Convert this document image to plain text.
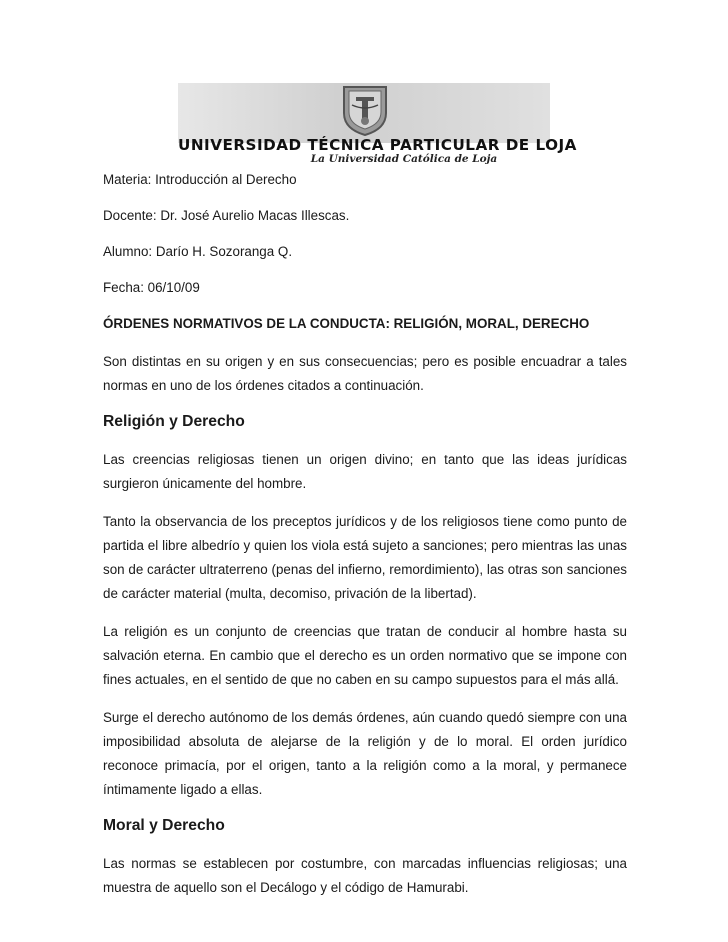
UNIVERSIDAD TÉCNICA PARTICULAR DE LOJA
La Universidad Católica de Loja

Materia: Introducción al Derecho

Docente: Dr. José Aurelio Macas Illescas.

Alumno: Darío H. Sozoranga Q.

Fecha: 06/10/09

ÓRDENES NORMATIVOS DE LA CONDUCTA: RELIGIÓN, MORAL, DERECHO

Son distintas en su origen y en sus consecuencias; pero es posible encuadrar a tales normas en uno de los órdenes citados a continuación.

Religión y Derecho

Las creencias religiosas tienen un origen divino; en tanto que las ideas jurídicas surgieron únicamente del hombre.

Tanto la observancia de los preceptos jurídicos y de los religiosos tiene como punto de partida el libre albedrío y quien los viola está sujeto a sanciones; pero mientras las unas son de carácter ultraterreno (penas del infierno, remordimiento), las otras son sanciones de carácter material (multa, decomiso, privación de la libertad).

La religión es un conjunto de creencias que tratan de conducir al hombre hasta su salvación eterna. En cambio que el derecho es un orden normativo que se impone con fines actuales, en el sentido de que no caben en su campo supuestos para el más allá.

Surge el derecho autónomo de los demás órdenes, aún cuando quedó siempre con una imposibilidad absoluta de alejarse de la religión y de lo moral. El orden jurídico reconoce primacía, por el origen, tanto a la religión como a la moral, y permanece íntimamente ligado a ellas.

Moral y Derecho

Las normas se establecen por costumbre, con marcadas influencias religiosas; una muestra de aquello son el Decálogo y el código de Hamurabi.
